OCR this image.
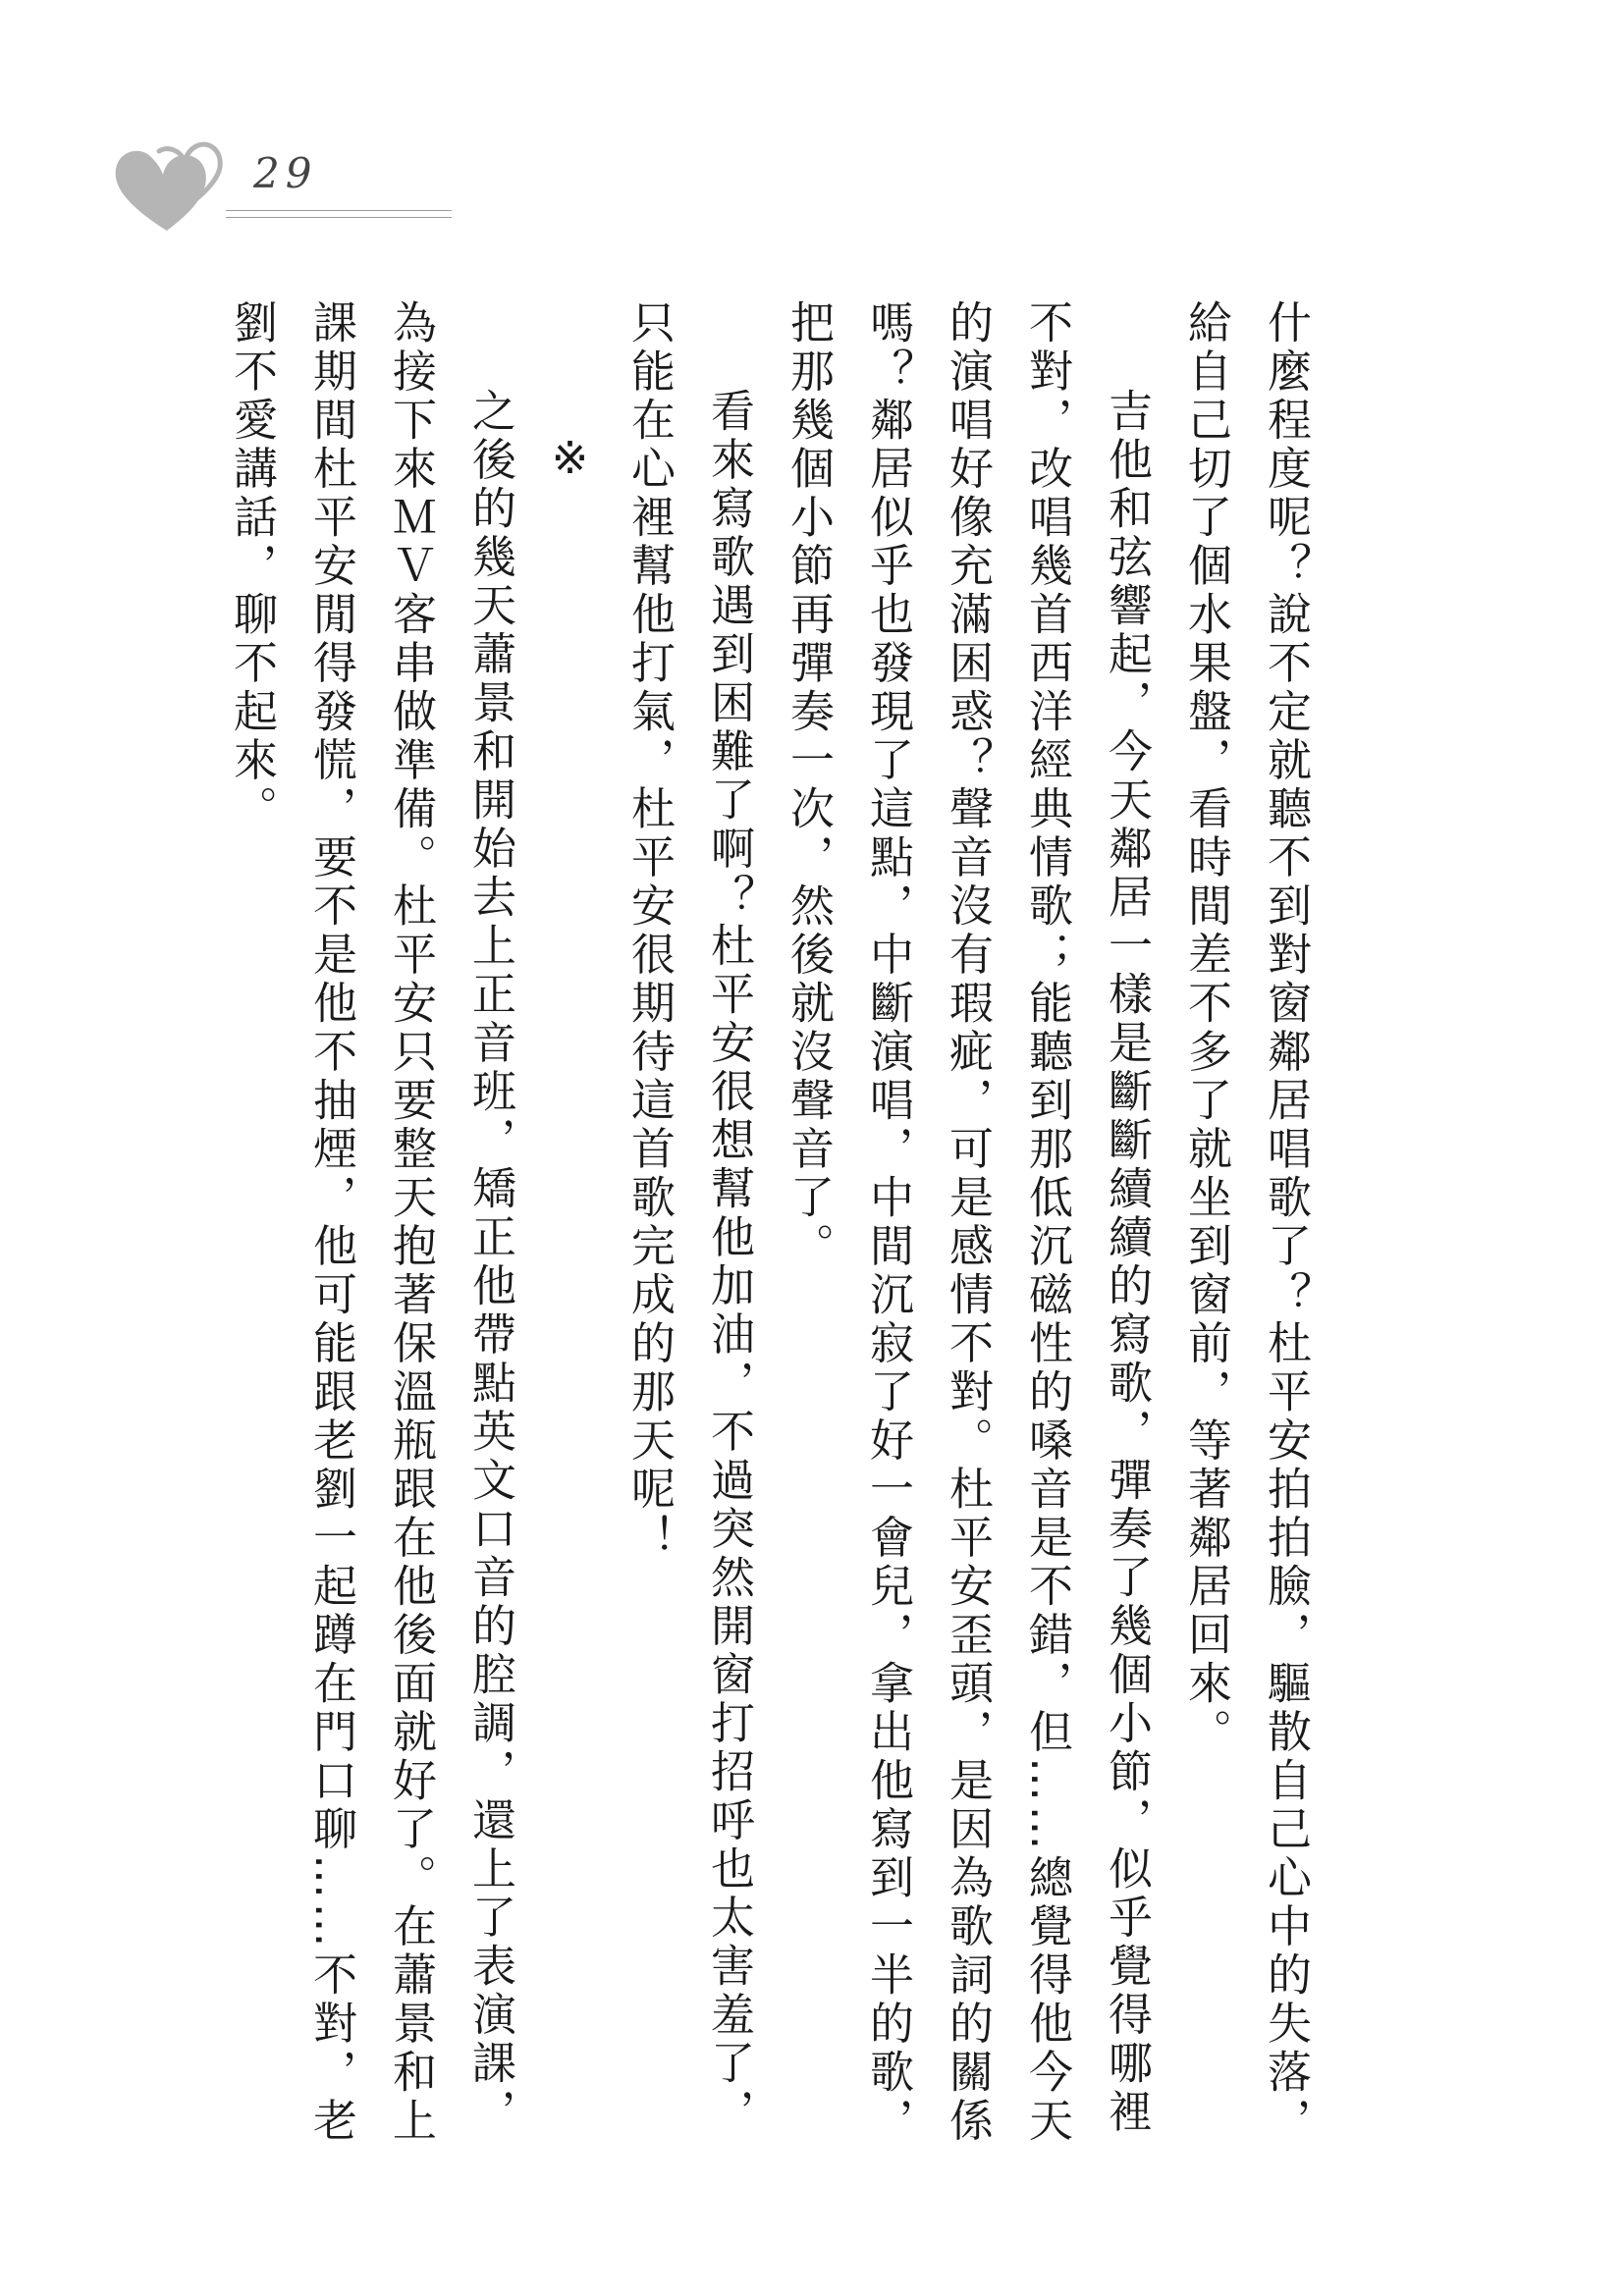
29

什麼程度呢？說不定就聽不到對窗鄰居唱歌了？杜平安拍拍臉，驅散自己心中的失落，給自己切了個水果盤，看時間差不多了就坐到窗前，等著鄰居回來。

吉他和弦響起，今天鄰居一樣是斷斷續續的寫歌，彈奏了幾個小節，似乎覺得哪裡不對，改唱幾首西洋經典情歌；能聽到那低沉磁性的嗓音是不錯，但……總覺得他今天的演唱好像充滿困惑？聲音沒有瑕疵，可是感情不對。杜平安歪頭，是因為歌詞的關係嗎？鄰居似乎也發現了這點，中斷演唱，中間沉寂了好一會兒，拿出他寫到一半的歌，把那幾個小節再彈奏一次，然後就沒聲音了。

看來寫歌遇到困難了啊？杜平安很想幫他加油，不過突然開窗打招呼也太害羞了，只能在心裡幫他打氣，杜平安很期待這首歌完成的那天呢！

※

之後的幾天蕭景和開始去上正音班，矯正他帶點英文口音的腔調，還上了表演課，為接下來ＭＶ客串做準備。杜平安只要整天抱著保溫瓶跟在他後面就好了。在蕭景和上課期間杜平安閒得發慌，要不是他不抽煙，他可能跟老劉一起蹲在門口聊……不對，老劉不愛講話，聊不起來。
